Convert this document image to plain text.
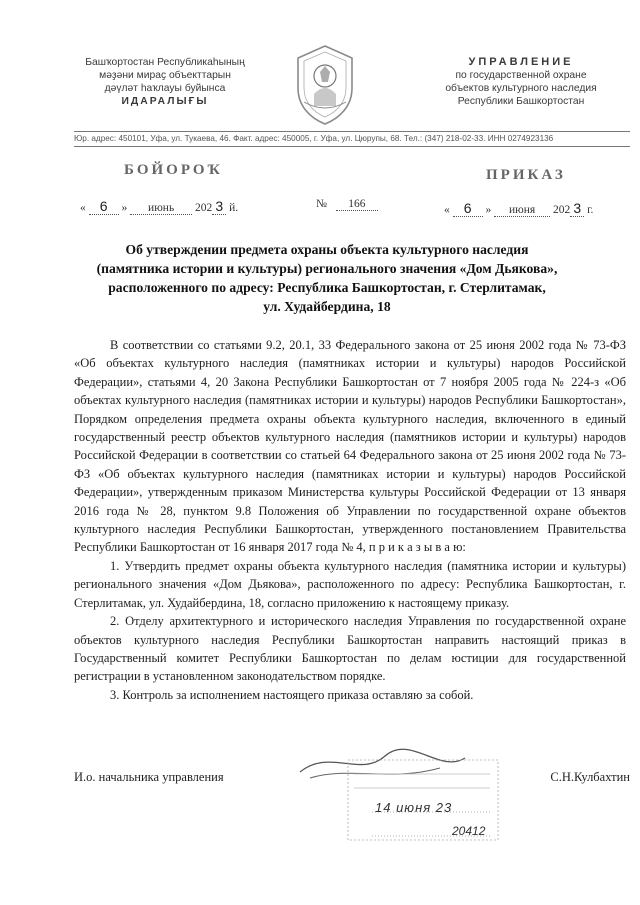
Башҡортостан Республикаһының
мәҙәни мираҫ объекттарын
дәүләт һаҡлауы буйынса
ИДАРАЛЫҒЫ
УПРАВЛЕНИЕ
по государственной охране
объектов культурного наследия
Республики Башкортостан
Юр. адрес: 450101, Уфа, ул. Тукаева, 46. Факт. адрес: 450005, г. Уфа, ул. Цюрупы, 68. Тел.: (347) 218-02-33. ИНН 0274923136
БОЙОРОҠ	ПРИКАЗ
« 6 » июнь 202 3 й.	№ 166	« 6 » июня 202 3 г.
Об утверждении предмета охраны объекта культурного наследия
(памятника истории и культуры) регионального значения «Дом Дьякова»,
расположенного по адресу: Республика Башкортостан, г. Стерлитамак,
ул. Худайбердина, 18

В соответствии со статьями 9.2, 20.1, 33 Федерального закона от 25 июня 2002 года № 73-ФЗ «Об объектах культурного наследия (памятниках истории и культуры) народов Российской Федерации», статьями 4, 20 Закона Республики Башкортостан от 7 ноября 2005 года № 224-з «Об объектах культурного наследия (памятниках истории и культуры) народов Республики Башкортостан», Порядком определения предмета охраны объекта культурного наследия, включенного в единый государственный реестр объектов культурного наследия (памятников истории и культуры) народов Российской Федерации в соответствии со статьей 64 Федерального закона от 25 июня 2002 года № 73-ФЗ «Об объектах культурного наследия (памятниках истории и культуры) народов Российской Федерации», утвержденным приказом Министерства культуры Российской Федерации от 13 января 2016 года № 28, пунктом 9.8 Положения об Управлении по государственной охране объектов культурного наследия Республики Башкортостан, утвержденного постановлением Правительства Республики Башкортостан от 16 января 2017 года № 4, п р и к а з ы в а ю:

1. Утвердить предмет охраны объекта культурного наследия (памятника истории и культуры) регионального значения «Дом Дьякова», расположенного по адресу: Республика Башкортостан, г. Стерлитамак, ул. Худайбердина, 18, согласно приложению к настоящему приказу.

2. Отделу архитектурного и исторического наследия Управления по государственной охране объектов культурного наследия Республики Башкортостан направить настоящий приказ в Государственный комитет Республики Башкортостан по делам юстиции для государственной регистрации в установленном законодательством порядке.

3. Контроль за исполнением настоящего приказа оставляю за собой.

И.о. начальника управления	С.Н.Кулбахтин
14 июня 23
20412
